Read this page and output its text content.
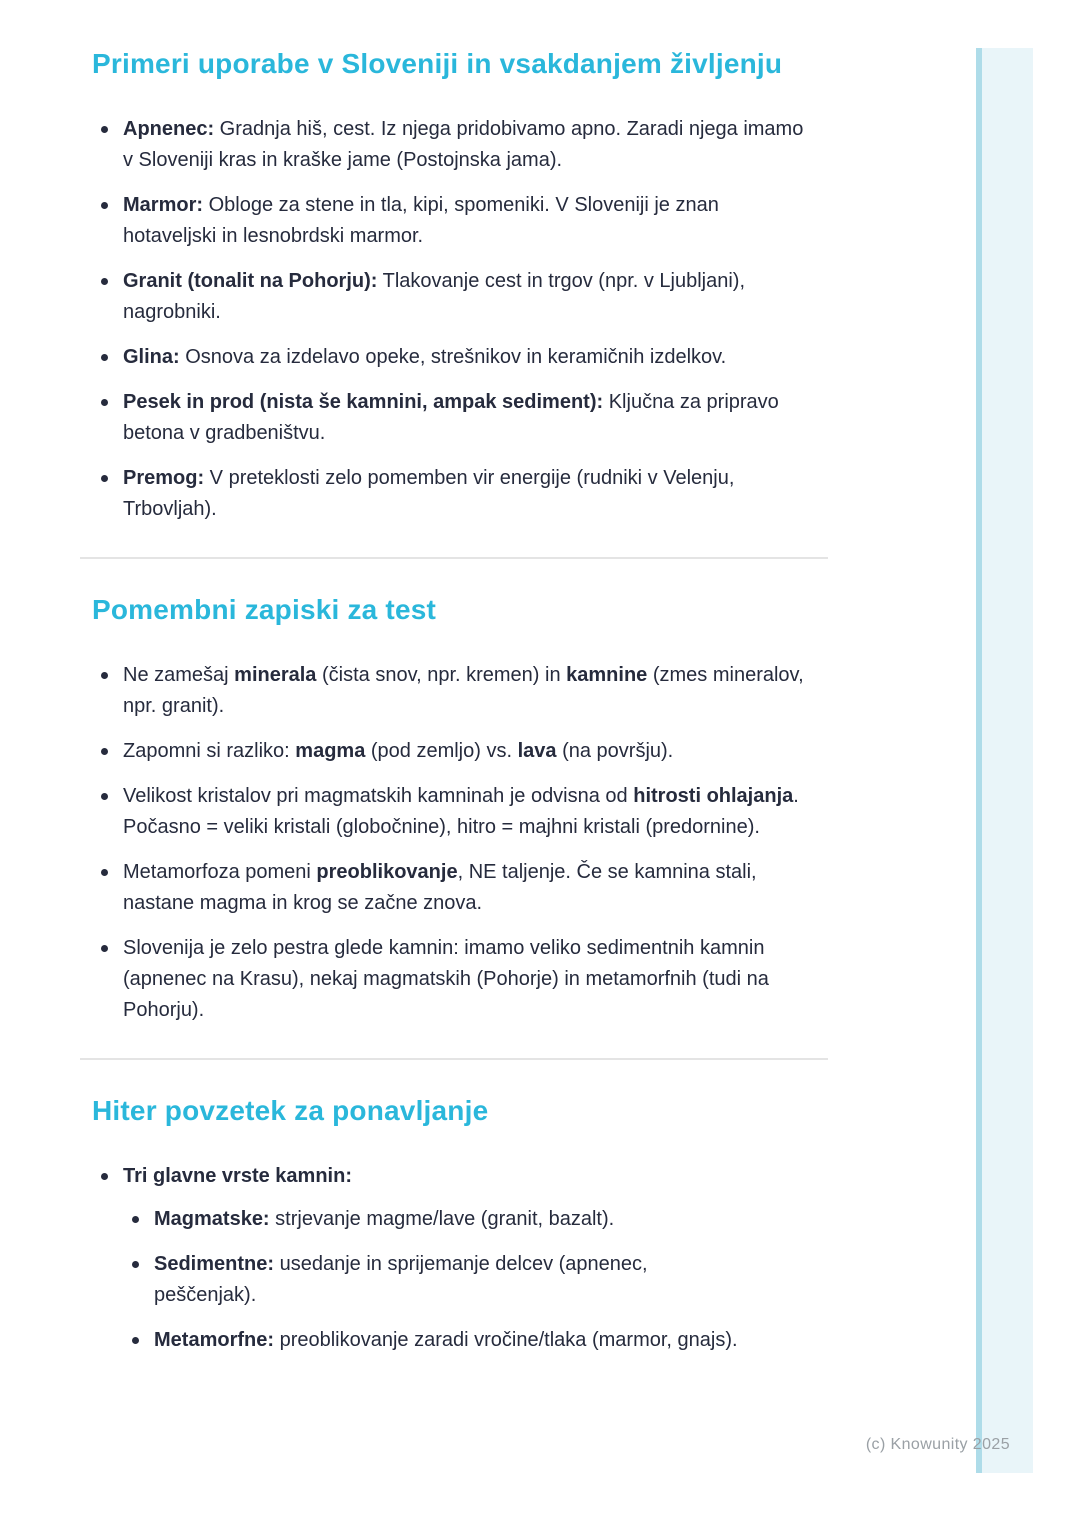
Primeri uporabe v Sloveniji in vsakdanjem življenju
Apnenec: Gradnja hiš, cest. Iz njega pridobivamo apno. Zaradi njega imamo v Sloveniji kras in kraške jame (Postojnska jama).
Marmor: Obloge za stene in tla, kipi, spomeniki. V Sloveniji je znan hotaveljski in lesnobrdski marmor.
Granit (tonalit na Pohorju): Tlakovanje cest in trgov (npr. v Ljubljani), nagrobniki.
Glina: Osnova za izdelavo opeke, strešnikov in keramičnih izdelkov.
Pesek in prod (nista še kamnini, ampak sediment): Ključna za pripravo betona v gradbeništvu.
Premog: V preteklosti zelo pomemben vir energije (rudniki v Velenju, Trbovljah).
Pomembni zapiski za test
Ne zamešaj minerala (čista snov, npr. kremen) in kamnine (zmes mineralov, npr. granit).
Zapomni si razliko: magma (pod zemljo) vs. lava (na površju).
Velikost kristalov pri magmatskih kamninah je odvisna od hitrosti ohlajanja. Počasno = veliki kristali (globočnine), hitro = majhni kristali (predornine).
Metamorfoza pomeni preoblikovanje, NE taljenje. Če se kamnina stali, nastane magma in krog se začne znova.
Slovenija je zelo pestra glede kamnin: imamo veliko sedimentnih kamnin (apnenec na Krasu), nekaj magmatskih (Pohorje) in metamorfnih (tudi na Pohorju).
Hiter povzetek za ponavljanje
Tri glavne vrste kamnin:
Magmatske: strjevanje magme/lave (granit, bazalt).
Sedimentne: usedanje in sprijemanje delcev (apnenec, peščenjak).
Metamorfne: preoblikovanje zaradi vročine/tlaka (marmor, gnajs).
(c) Knowunity 2025
